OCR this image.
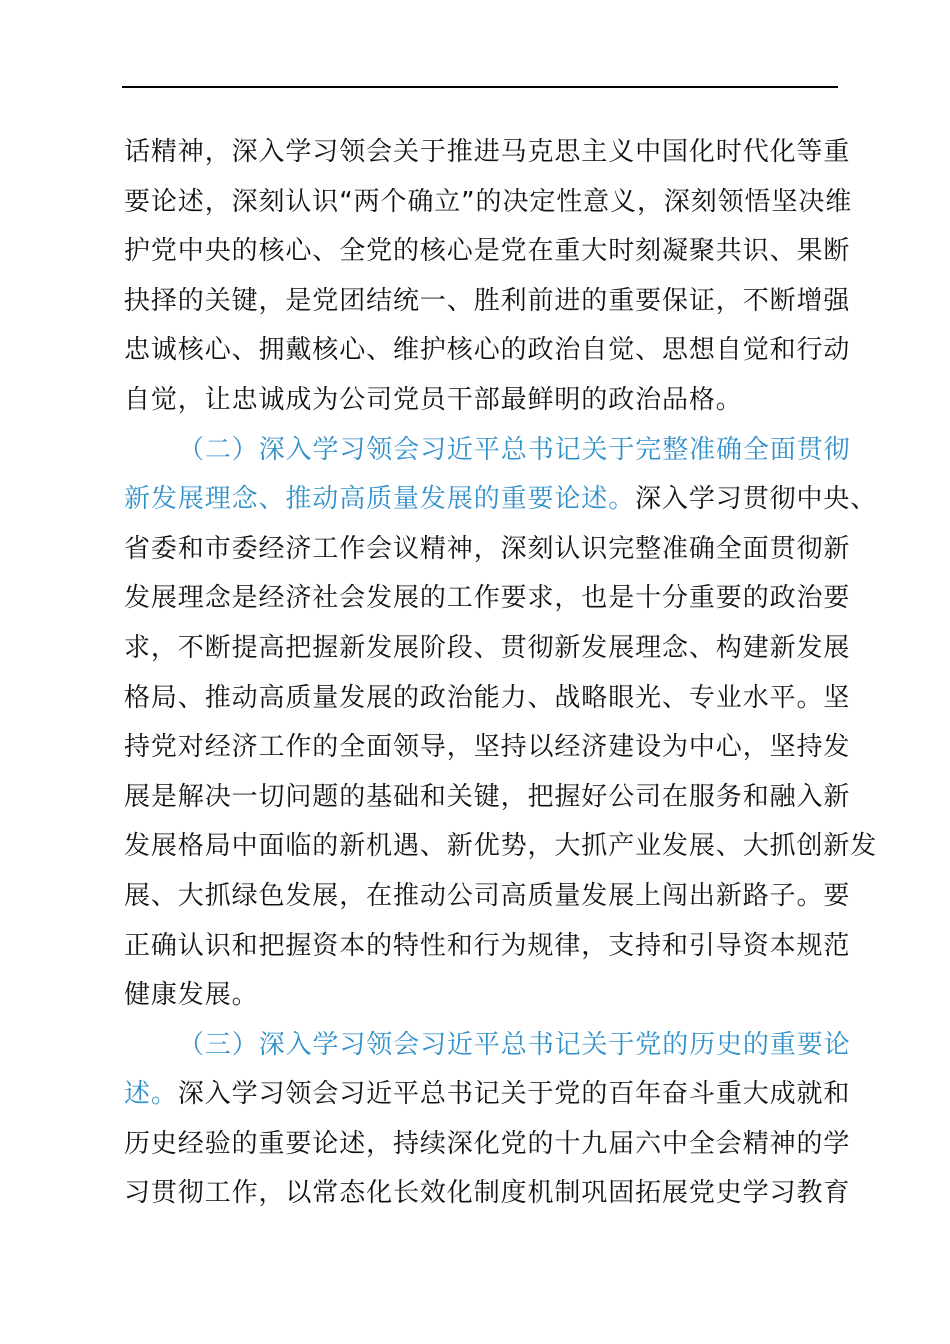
话精神，深入学习领会关于推进马克思主义中国化时代化等重
要论述，深刻认识“两个确立”的决定性意义，深刻领悟坚决维
护党中央的核心、全党的核心是党在重大时刻凝聚共识、果断
抉择的关键，是党团结统一、胜利前进的重要保证，不断增强
忠诚核心、拥戴核心、维护核心的政治自觉、思想自觉和行动
自觉，让忠诚成为公司党员干部最鲜明的政治品格。
（二）深入学习领会习近平总书记关于完整准确全面贯彻
新发展理念、推动高质量发展的重要论述。深入学习贯彻中央、
省委和市委经济工作会议精神，深刻认识完整准确全面贯彻新
发展理念是经济社会发展的工作要求，也是十分重要的政治要
求，不断提高把握新发展阶段、贯彻新发展理念、构建新发展
格局、推动高质量发展的政治能力、战略眼光、专业水平。坚
持党对经济工作的全面领导，坚持以经济建设为中心，坚持发
展是解决一切问题的基础和关键，把握好公司在服务和融入新
发展格局中面临的新机遇、新优势，大抓产业发展、大抓创新发
展、大抓绿色发展，在推动公司高质量发展上闯出新路子。要
正确认识和把握资本的特性和行为规律，支持和引导资本规范
健康发展。
（三）深入学习领会习近平总书记关于党的历史的重要论
述。深入学习领会习近平总书记关于党的百年奋斗重大成就和
历史经验的重要论述，持续深化党的十九届六中全会精神的学
习贯彻工作，以常态化长效化制度机制巩固拓展党史学习教育
